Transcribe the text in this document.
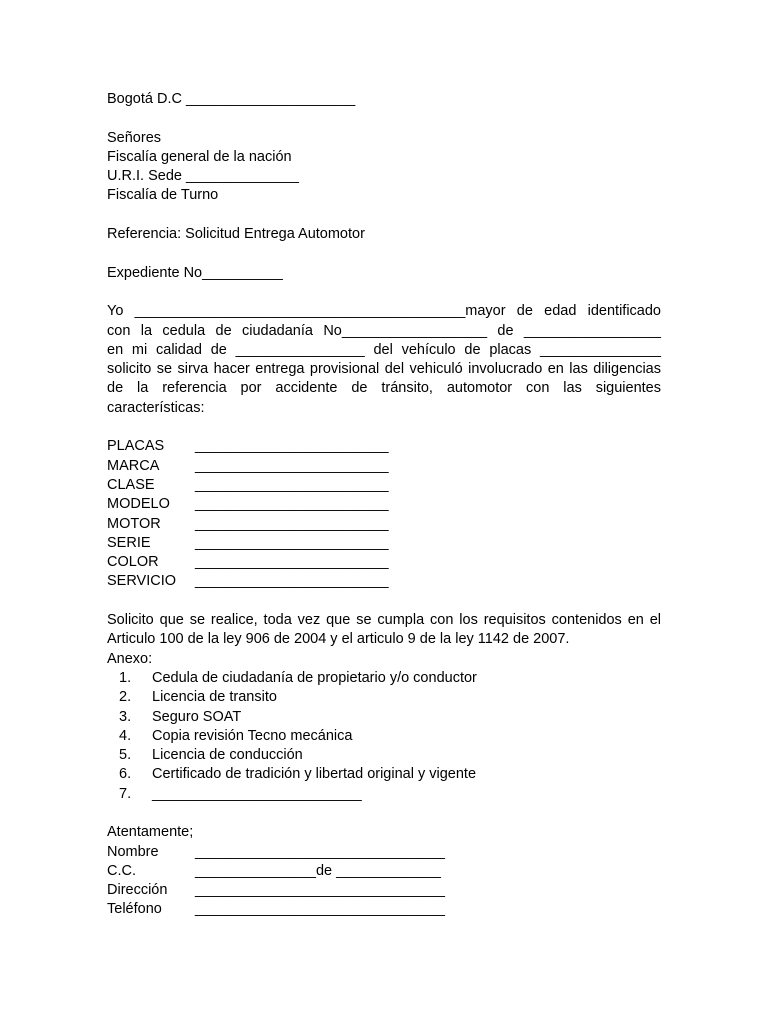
Bogotá D.C _____________________
Señores
Fiscalía general de la nación
U.R.I. Sede ______________
Fiscalía de Turno
Referencia: Solicitud Entrega Automotor
Expediente No__________
Yo _________________________________________mayor de edad identificado
con la cedula de ciudadanía No__________________ de _________________
en mi calidad de ________________ del vehículo de placas _______________
solicito se sirva hacer entrega provisional del vehiculó involucrado en las diligencias
de la referencia por accidente de tránsito, automotor con las siguientes
características:
PLACAS	________________________
MARCA	________________________
CLASE	________________________
MODELO	________________________
MOTOR	________________________
SERIE	________________________
COLOR	________________________
SERVICIO	________________________
Solicito que se realice, toda vez que se cumpla con los requisitos contenidos en el
Articulo 100 de la ley 906 de 2004 y el articulo 9 de la ley 1142 de 2007.
Anexo:
1.	Cedula de ciudadanía de propietario y/o conductor
2.	Licencia de transito
3.	Seguro SOAT
4.	Copia revisión Tecno mecánica
5.	Licencia de conducción
6.	Certificado de tradición y libertad original y vigente
7.	__________________________
Atentamente;
Nombre	_______________________________
C.C.	_______________de _____________
Dirección	_______________________________
Teléfono	_______________________________
